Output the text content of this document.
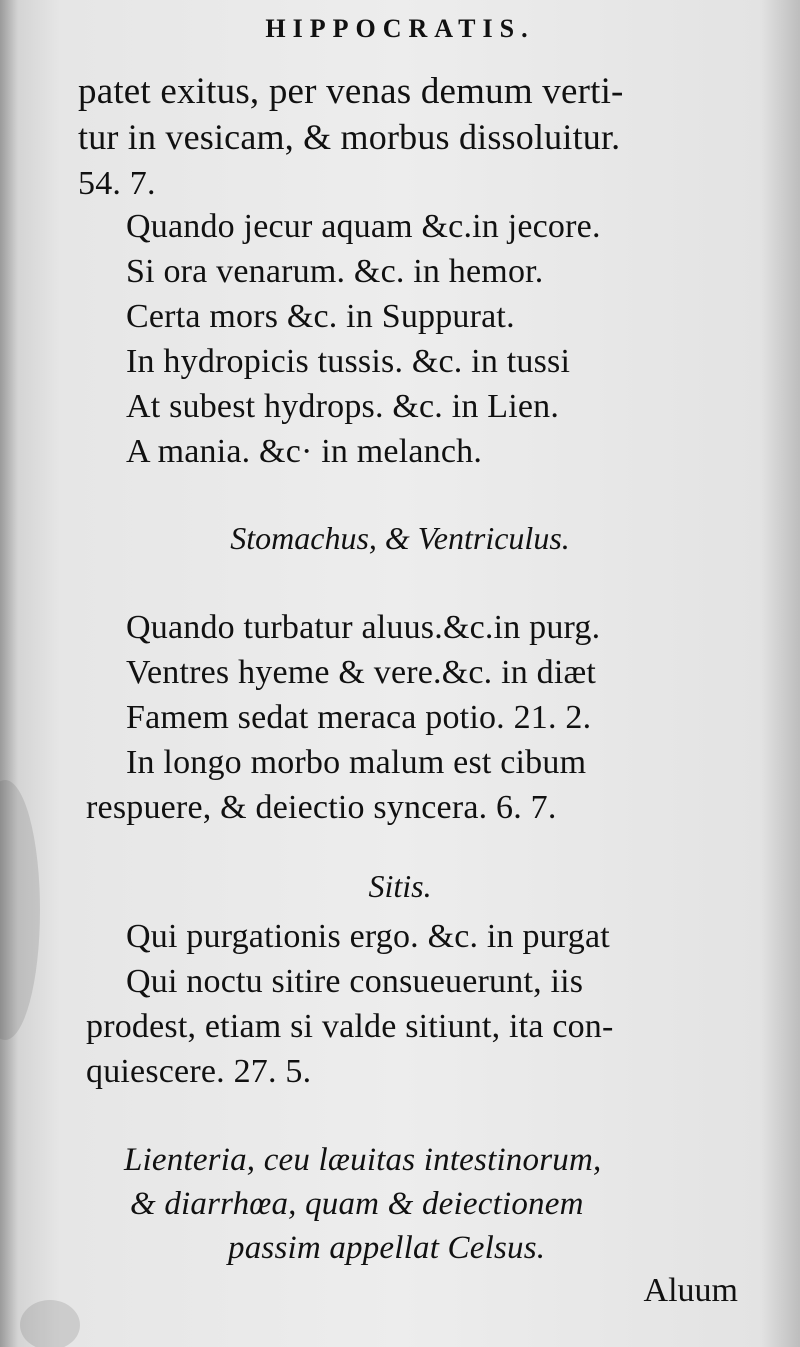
HIPPOCRATIS.
patet exitus, per venas demum verti-
tur in vesicam, & morbus dissoluitur.
54. 7.
Quando jecur aquam &c.in jecore.
Si ora venarum. &c. in hemor.
Certa mors &c. in Suppurat.
In hydropicis tussis. &c. in tussi
At subest hydrops. &c. in Lien.
A mania. &c· in melanch.
Stomachus, & Ventriculus.
Quando turbatur aluus.&c.in purg.
Ventres hyeme & vere.&c. in diæt
Famem sedat meraca potio. 21. 2.
In longo morbo malum est cibum
respuere, & deiectio syncera. 6. 7.
Sitis.
Qui purgationis ergo. &c. in purgat
Qui noctu sitire consueuerunt, iis
prodest, etiam si valde sitiunt, ita con-
quiescere. 27. 5.
Lienteria, ceu læuitas intestinorum,
& diarrhœa, quam & deiectionem
passim appellat Celsus.
Aluum
